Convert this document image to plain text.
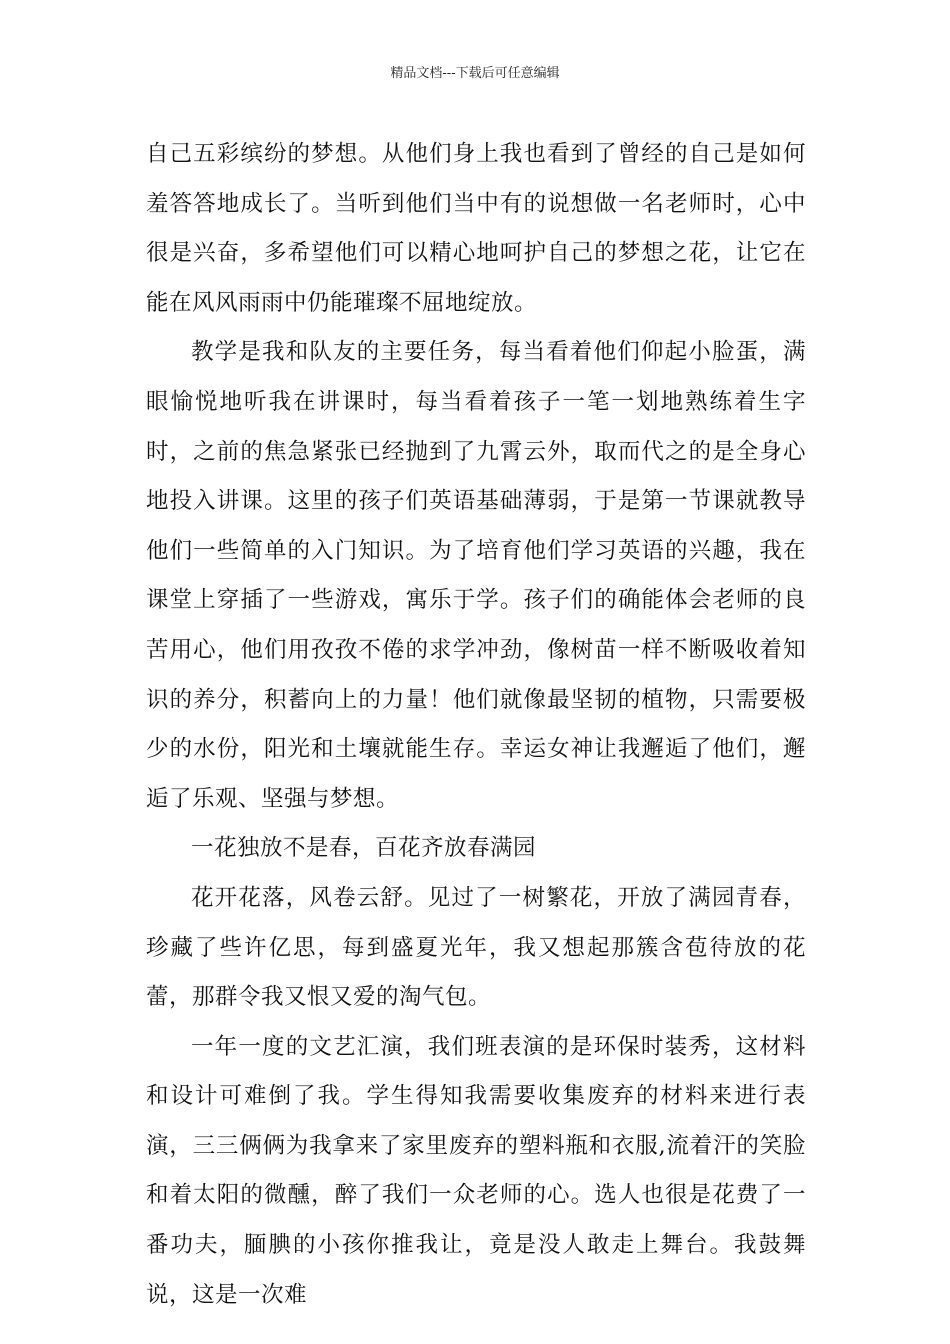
精品文档---下载后可任意编辑

自己五彩缤纷的梦想。从他们身上我也看到了曾经的自己是如何羞答答地成长了。当听到他们当中有的说想做一名老师时，心中很是兴奋，多希望他们可以精心地呵护自己的梦想之花，让它在能在风风雨雨中仍能璀璨不屈地绽放。

教学是我和队友的主要任务，每当看着他们仰起小脸蛋，满眼愉悦地听我在讲课时，每当看着孩子一笔一划地熟练着生字时，之前的焦急紧张已经抛到了九霄云外，取而代之的是全身心地投入讲课。这里的孩子们英语基础薄弱，于是第一节课就教导他们一些简单的入门知识。为了培育他们学习英语的兴趣，我在课堂上穿插了一些游戏，寓乐于学。孩子们的确能体会老师的良苦用心，他们用孜孜不倦的求学冲劲，像树苗一样不断吸收着知识的养分，积蓄向上的力量！他们就像最坚韧的植物，只需要极少的水份，阳光和土壤就能生存。幸运女神让我邂逅了他们，邂逅了乐观、坚强与梦想。

一花独放不是春，百花齐放春满园

花开花落，风卷云舒。见过了一树繁花，开放了满园青春，珍藏了些许亿思，每到盛夏光年，我又想起那簇含苞待放的花蕾，那群令我又恨又爱的淘气包。

一年一度的文艺汇演，我们班表演的是环保时装秀，这材料和设计可难倒了我。学生得知我需要收集废弃的材料来进行表演，三三俩俩为我拿来了家里废弃的塑料瓶和衣服,流着汗的笑脸和着太阳的微醺，醉了我们一众老师的心。选人也很是花费了一番功夫，腼腆的小孩你推我让，竟是没人敢走上舞台。我鼓舞说，这是一次难
